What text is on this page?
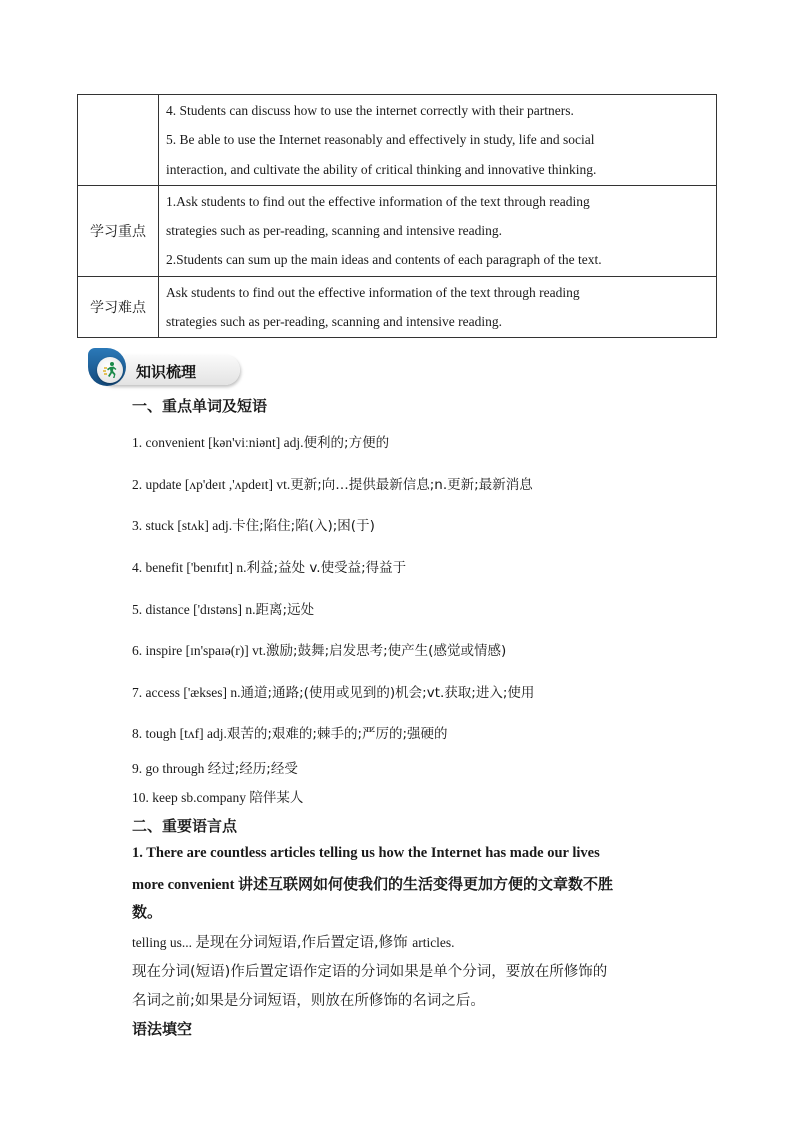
	4. Students can discuss how to use the internet correctly with their partners.

5. Be able to use the Internet reasonably and effectively in study, life and social

interaction, and cultivate the ability of critical thinking and innovative thinking.

学习重点	1.Ask students to find out the effective information of the text through reading

strategies such as per-reading, scanning and intensive reading.

2.Students can sum up the main ideas and contents of each paragraph of the text.

学习难点	Ask students to find out the effective information of the text through reading

strategies such as per-reading, scanning and intensive reading.

知识梳理

一、重点单词及短语

1. convenient [kən'viːniənt] adj.便利的;方便的

2. update [ʌp'deɪt ,'ʌpdeɪt] vt.更新;向…提供最新信息;n.更新;最新消息

3. stuck [stʌk] adj.卡住;陷住;陷(入);困(于)

4. benefit ['benɪfɪt] n.利益;益处 v.使受益;得益于

5. distance ['dɪstəns] n.距离;远处

6. inspire [ɪn'spaɪə(r)] vt.激励;鼓舞;启发思考;使产生(感觉或情感)

7. access ['ækses] n.通道;通路;(使用或见到的)机会;vt.获取;进入;使用

8. tough [tʌf] adj.艰苦的;艰难的;棘手的;严厉的;强硬的

9. go through 经过;经历;经受

10. keep sb.company 陪伴某人

二、重要语言点

1. There are countless articles telling us how the Internet has made our lives

more convenient 讲述互联网如何使我们的生活变得更加方便的文章数不胜

数。

telling us... 是现在分词短语,作后置定语,修饰 articles.

现在分词(短语)作后置定语作定语的分词如果是单个分词，要放在所修饰的

名词之前;如果是分词短语，则放在所修饰的名词之后。

语法填空
